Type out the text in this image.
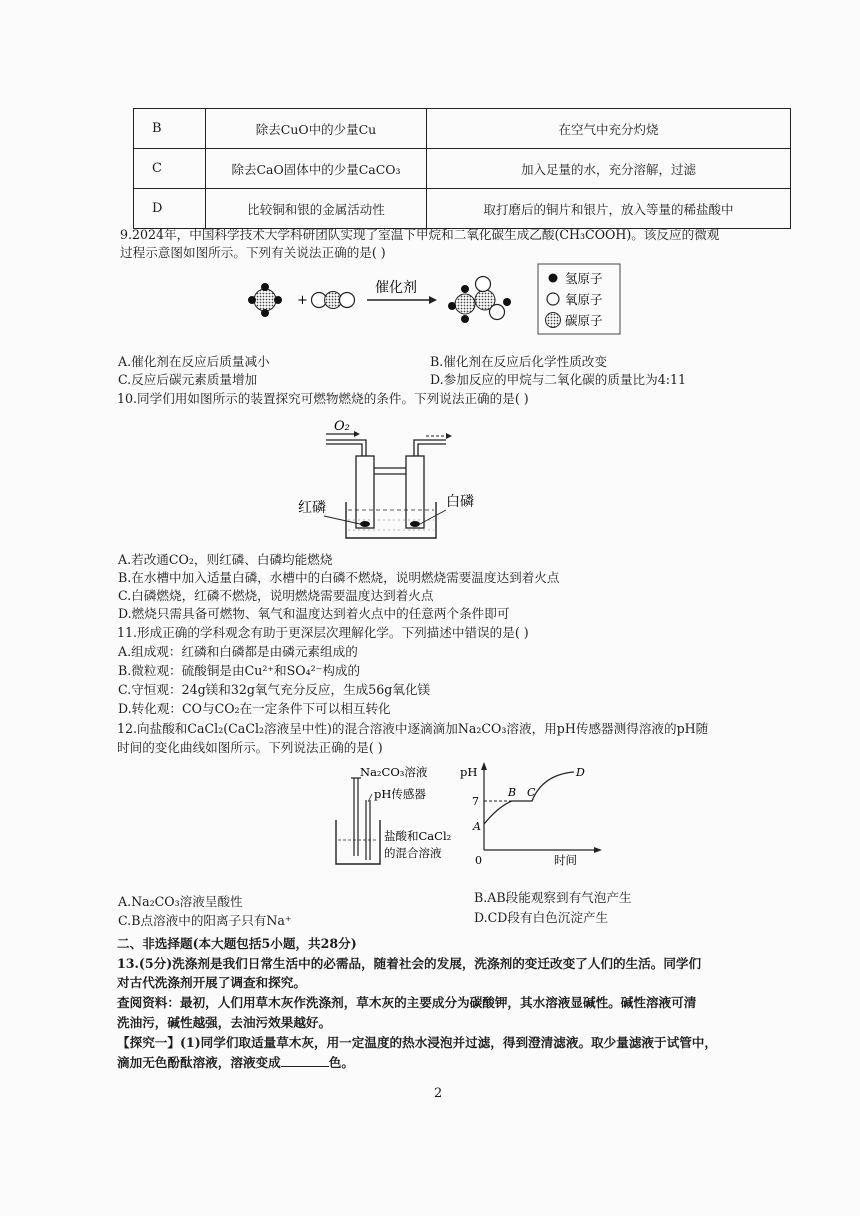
B	除去CuO中的少量Cu	在空气中充分灼烧
C	除去CaO固体中的少量CaCO₃	加入足量的水，充分溶解，过滤
D	比较铜和银的金属活动性	取打磨后的铜片和银片，放入等量的稀盐酸中
9.2024年，中国科学技术大学科研团队实现了室温下甲烷和二氧化碳生成乙酸(CH₃COOH)。该反应的微观
过程示意图如图所示。下列有关说法正确的是( )
+
催化剂
氢原子
氧原子
碳原子
A.催化剂在反应后质量减小	B.催化剂在反应后化学性质改变
C.反应后碳元素质量增加	D.参加反应的甲烷与二氧化碳的质量比为4:11
10.同学们用如图所示的装置探究可燃物燃烧的条件。下列说法正确的是( )
O₂
红磷	白磷
A.若改通CO₂，则红磷、白磷均能燃烧
B.在水槽中加入适量白磷，水槽中的白磷不燃烧，说明燃烧需要温度达到着火点
C.白磷燃烧，红磷不燃烧，说明燃烧需要温度达到着火点
D.燃烧只需具备可燃物、氧气和温度达到着火点中的任意两个条件即可
11.形成正确的学科观念有助于更深层次理解化学。下列描述中错误的是( )
A.组成观：红磷和白磷都是由磷元素组成的
B.微粒观：硫酸铜是由Cu²⁺和SO₄²⁻构成的
C.守恒观：24g镁和32g氧气充分反应，生成56g氧化镁
D.转化观：CO与CO₂在一定条件下可以相互转化
12.向盐酸和CaCl₂(CaCl₂溶液呈中性)的混合溶液中逐滴滴加Na₂CO₃溶液，用pH传感器测得溶液的pH随
时间的变化曲线如图所示。下列说法正确的是( )
Na₂CO₃溶液
pH传感器
盐酸和CaCl₂
的混合溶液
pH
时间
0
7
A
B C
D
A.Na₂CO₃溶液呈酸性	B.AB段能观察到有气泡产生
C.B点溶液中的阳离子只有Na⁺	D.CD段有白色沉淀产生
二、非选择题(本大题包括5小题，共28分)
13.(5分)洗涤剂是我们日常生活中的必需品，随着社会的发展，洗涤剂的变迁改变了人们的生活。同学们
对古代洗涤剂开展了调查和探究。
查阅资料：最初，人们用草木灰作洗涤剂，草木灰的主要成分为碳酸钾，其水溶液显碱性。碱性溶液可清
洗油污，碱性越强，去油污效果越好。
【探究一】(1)同学们取适量草木灰，用一定温度的热水浸泡并过滤，得到澄清滤液。取少量滤液于试管中，
滴加无色酚酞溶液，溶液变成	色。
2
